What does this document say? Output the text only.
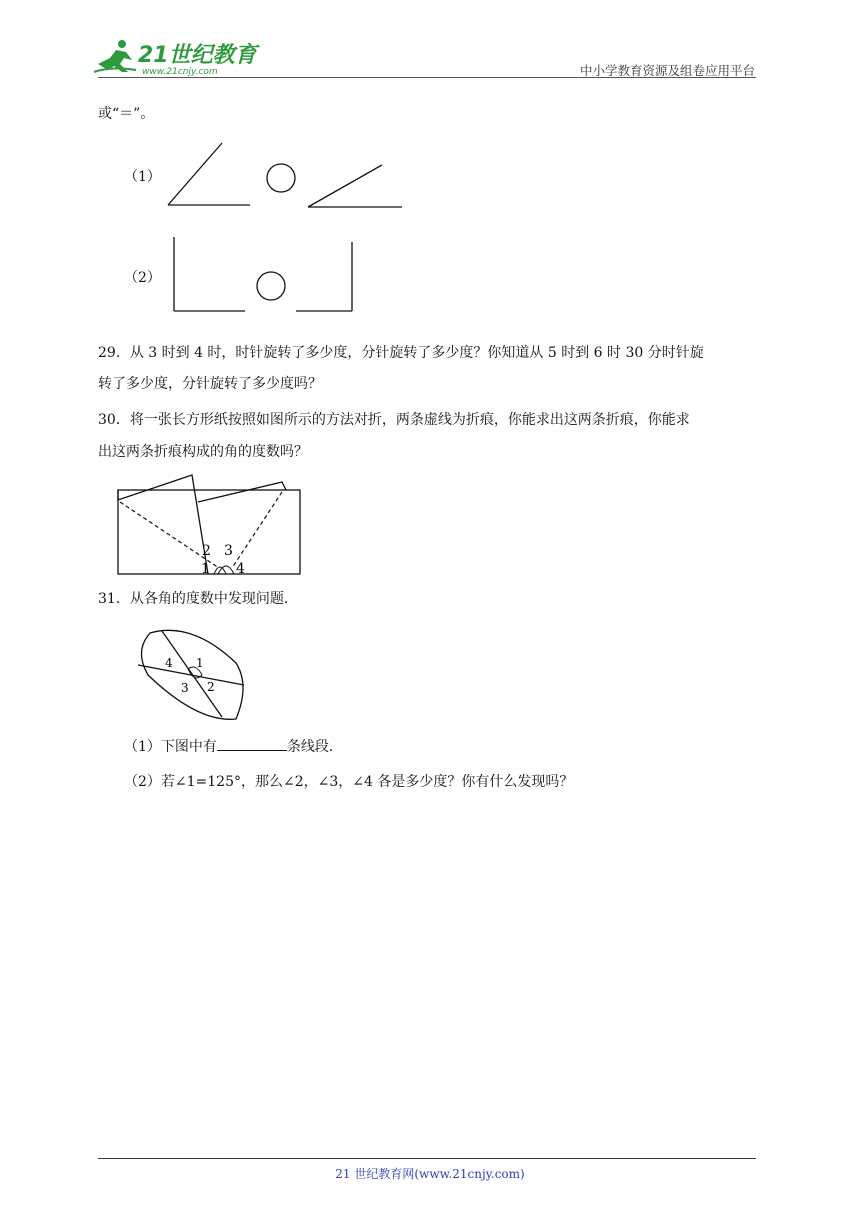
21世纪教育
www.21cnjy.com	中小学教育资源及组卷应用平台
或“＝”。
（1）
（2）
29．从 3 时到 4 时，时针旋转了多少度，分针旋转了多少度？你知道从 5 时到 6 时 30 分时针旋
转了多少度，分针旋转了多少度吗？
30．将一张长方形纸按照如图所示的方法对折，两条虚线为折痕，你能求出这两条折痕，你能求
出这两条折痕构成的角的度数吗？
2 3
1 4
31．从各角的度数中发现问题．
1
2
3
4
（1）下图中有	条线段．
（2）若∠1=125°，那么∠2，∠3，∠4 各是多少度？你有什么发现吗？
21 世纪教育网(www.21cnjy.com)
